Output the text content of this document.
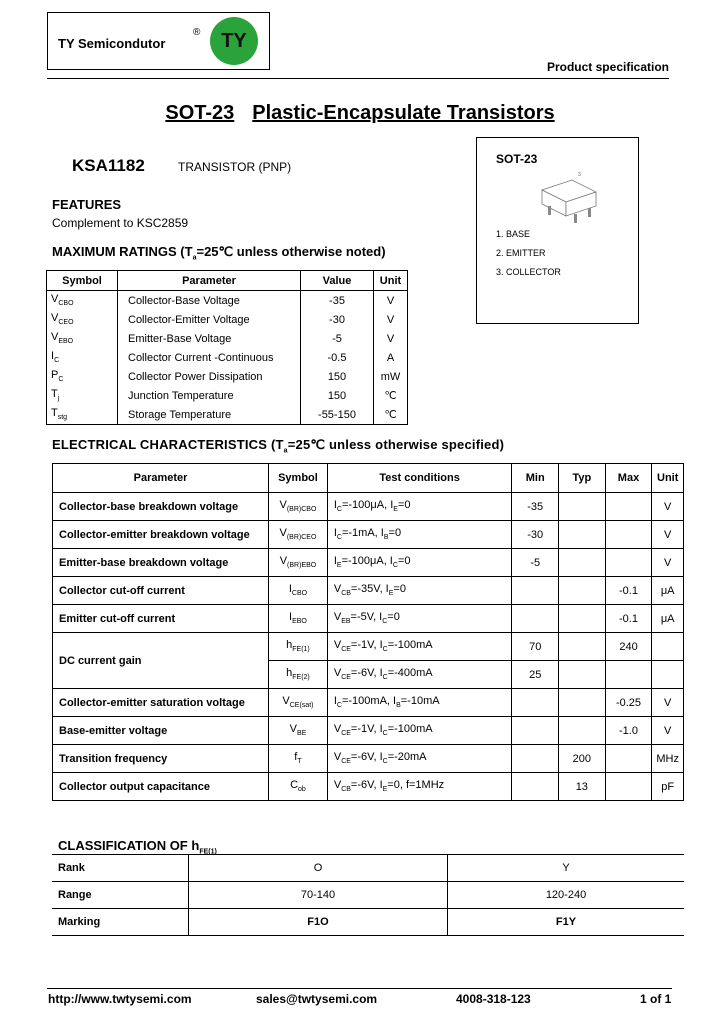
TY Semicondutor
®	TY
Product specification
SOT-23 Plastic-Encapsulate Transistors
KSA1182	TRANSISTOR (PNP)
SOT-23
3
1. BASE
2. EMITTER
3. COLLECTOR
FEATURES
Complement to KSC2859
MAXIMUM RATINGS ($T_a=25℃$ unless otherwise noted)
Symbol	Parameter	Value	Unit
$V_{CBO}$	Collector-Base Voltage	-35	V
$V_{CEO}$	Collector-Emitter Voltage	-30	V
$V_{EBO}$	Emitter-Base Voltage	-5	V
$I_C$	Collector Current -Continuous	-0.5	A
$P_C$	Collector Power Dissipation	150	mW
$T_j$	Junction Temperature	150	℃
$T_{stg}$	Storage Temperature	-55-150	℃
ELECTRICAL CHARACTERISTICS ($T_a=25℃$ unless otherwise specified)
Parameter	Symbol	Test conditions	Min	Typ	Max	Unit
Collector-base breakdown voltage	$V_{(BR)CBO}$	$I_C=-100\mu A$, $I_E=0$	-35			V
Collector-emitter breakdown voltage	$V_{(BR)CEO}$	$I_C=-1mA$, $I_B=0$	-30			V
Emitter-base breakdown voltage	$V_{(BR)EBO}$	$I_E=-100\mu A$, $I_C=0$	-5			V
Collector cut-off current	$I_{CBO}$	$V_{CB}=-35V$, $I_E=0$			-0.1	μA
Emitter cut-off current	$I_{EBO}$	$V_{EB}=-5V$, $I_C=0$			-0.1	μA
DC current gain	$h_{FE(1)}$	$V_{CE}=-1V$, $I_C=-100mA$	70		240	
	$h_{FE(2)}$	$V_{CE}=-6V$, $I_C=-400mA$	25			
Collector-emitter saturation voltage	$V_{CE(sat)}$	$I_C=-100mA$, $I_B=-10mA$			-0.25	V
Base-emitter voltage	$V_{BE}$	$V_{CE}=-1V$, $I_C=-100mA$			-1.0	V
Transition frequency	$f_T$	$V_{CE}=-6V$, $I_C=-20mA$		200		MHz
Collector output capacitance	$C_{ob}$	$V_{CB}=-6V$, $I_E=0$, f=1MHz		13		pF
CLASSIFICATION OF $h_{FE(1)}$
Rank	O	Y
Range	70-140	120-240
Marking	F1O	F1Y
http://www.twtysemi.com	sales@twtysemi.com	4008-318-123	1 of 1
